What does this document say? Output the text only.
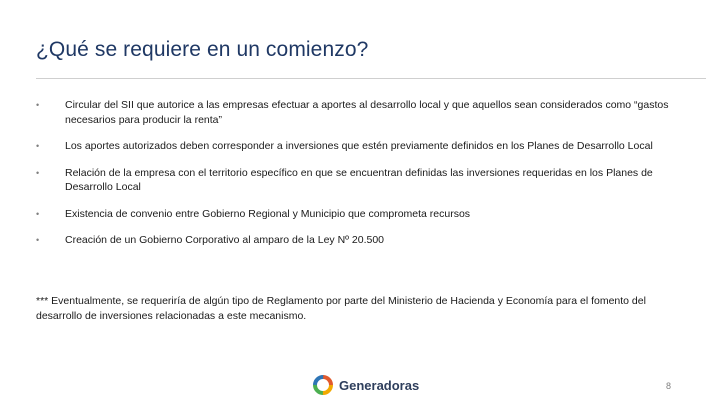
¿Qué se requiere en un comienzo?
• Circular del SII que autorice a las empresas efectuar a aportes al desarrollo local y que aquellos sean considerados como “gastos necesarios para producir la renta”
• Los aportes autorizados deben corresponder a inversiones que estén previamente definidos en los Planes de Desarrollo Local
• Relación de la empresa con el territorio específico en que se encuentran definidas las inversiones requeridas en los Planes de Desarrollo Local
• Existencia de convenio entre Gobierno Regional y Municipio que comprometa recursos
• Creación de un Gobierno Corporativo al amparo de la Ley Nº 20.500
*** Eventualmente, se requeriría de algún tipo de Reglamento por parte del Ministerio de Hacienda y Economía para el fomento del desarrollo de inversiones relacionadas a este mecanismo.
Generadoras	8
